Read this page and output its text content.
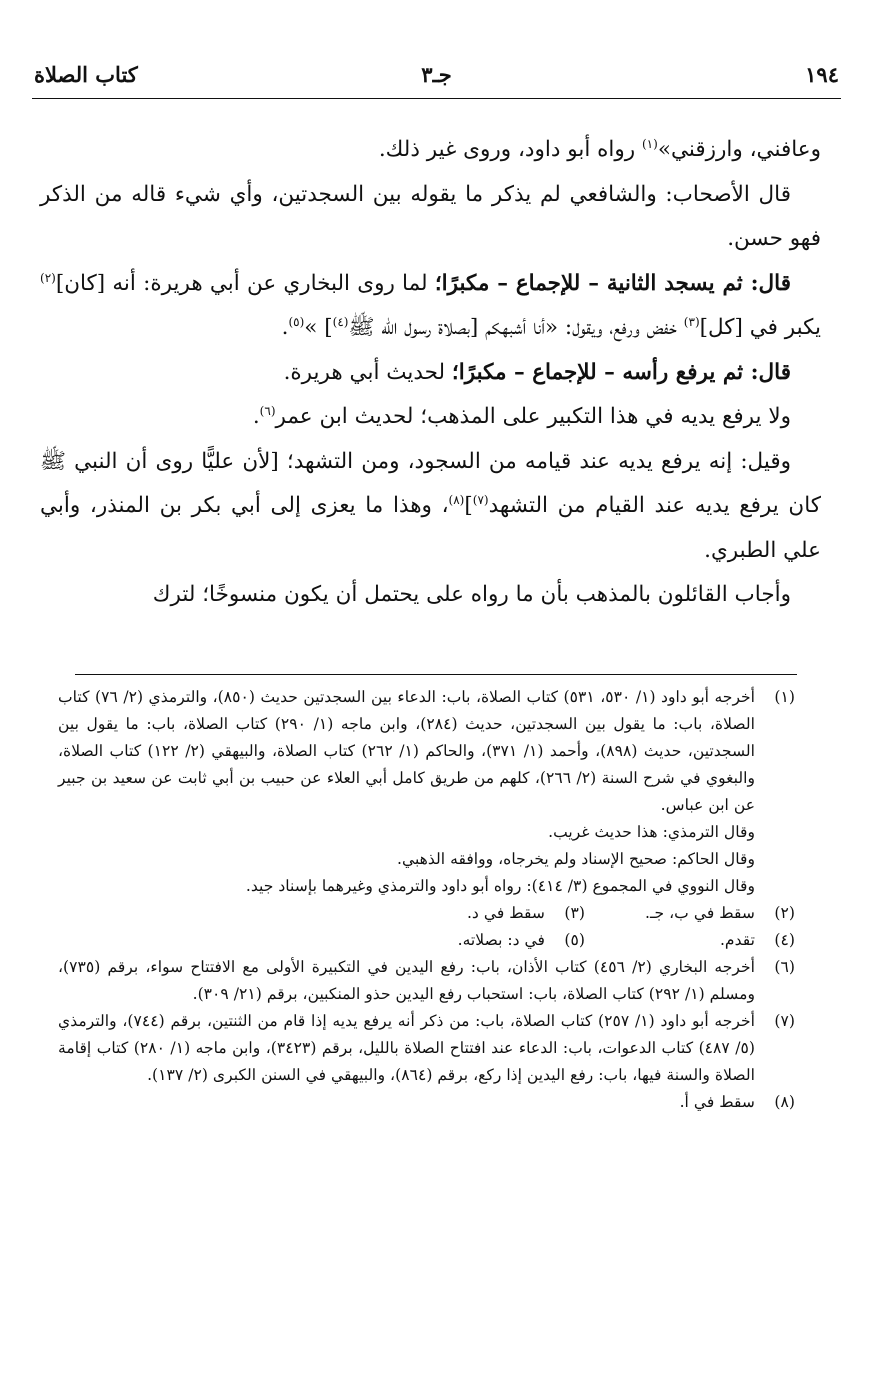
١٩٤
جـ٣
كتاب الصلاة

وعافني، وارزقني»$^{(١)}$ رواه أبو داود، وروى غير ذلك.

قال الأصحاب: والشافعي لم يذكر ما يقوله بين السجدتين، وأي شيء قاله من الذكر فهو حسن.

قال: ثم يسجد الثانية – للإجماع – مكبرًا؛ لما روى البخاري عن أبي هريرة: أنه [كان]$^{(٢)}$ يكبر في [كل]$^{(٣)}$ خفض ورفع، ويقول: «أنا أشبهكم [بصلاة رسول الله ﷺ$^{(٤)}$] »$^{(٥)}$.

قال: ثم يرفع رأسه – للإجماع – مكبرًا؛ لحديث أبي هريرة.

ولا يرفع يديه في هذا التكبير على المذهب؛ لحديث ابن عمر$^{(٦)}$.

وقيل: إنه يرفع يديه عند قيامه من السجود، ومن التشهد؛ [لأن عليًّا روى أن النبي ﷺ كان يرفع يديه عند القيام من التشهد$^{(٧)}$]$^{(٨)}$، وهذا ما يعزى إلى أبي بكر بن المنذر، وأبي علي الطبري.

وأجاب القائلون بالمذهب بأن ما رواه على يحتمل أن يكون منسوخًا؛ لترك

(١)
أخرجه أبو داود (١/ ٥٣٠، ٥٣١) كتاب الصلاة، باب: الدعاء بين السجدتين حديث (٨٥٠)، والترمذي (٢/ ٧٦) كتاب الصلاة، باب: ما يقول بين السجدتين، حديث (٢٨٤)، وابن ماجه (١/ ٢٩٠) كتاب الصلاة، باب: ما يقول بين السجدتين، حديث (٨٩٨)، وأحمد (١/ ٣٧١)، والحاكم (١/ ٢٦٢) كتاب الصلاة، والبيهقي (٢/ ١٢٢) كتاب الصلاة، والبغوي في شرح السنة (٢/ ٢٦٦)، كلهم من طريق كامل أبي العلاء عن حبيب بن أبي ثابت عن سعيد بن جبير عن ابن عباس.
وقال الترمذي: هذا حديث غريب.
وقال الحاكم: صحيح الإسناد ولم يخرجاه، ووافقه الذهبي.
وقال النووي في المجموع (٣/ ٤١٤): رواه أبو داود والترمذي وغيرهما بإسناد جيد.
(٢)
سقط في ب، جـ.
(٣)
سقط في د.
(٤)
تقدم.
(٥)
في د: بصلاته.
(٦)
أخرجه البخاري (٢/ ٤٥٦) كتاب الأذان، باب: رفع اليدين في التكبيرة الأولى مع الافتتاح سواء، برقم (٧٣٥)، ومسلم (١/ ٢٩٢) كتاب الصلاة، باب: استحباب رفع اليدين حذو المنكبين، برقم (٢١/ ٣٠٩).
(٧)
أخرجه أبو داود (١/ ٢٥٧) كتاب الصلاة، باب: من ذكر أنه يرفع يديه إذا قام من الثنتين، برقم (٧٤٤)، والترمذي (٥/ ٤٨٧) كتاب الدعوات، باب: الدعاء عند افتتاح الصلاة بالليل، برقم (٣٤٢٣)، وابن ماجه (١/ ٢٨٠) كتاب إقامة الصلاة والسنة فيها، باب: رفع اليدين إذا ركع، برقم (٨٦٤)، والبيهقي في السنن الكبرى (٢/ ١٣٧).
(٨)
سقط في أ.
